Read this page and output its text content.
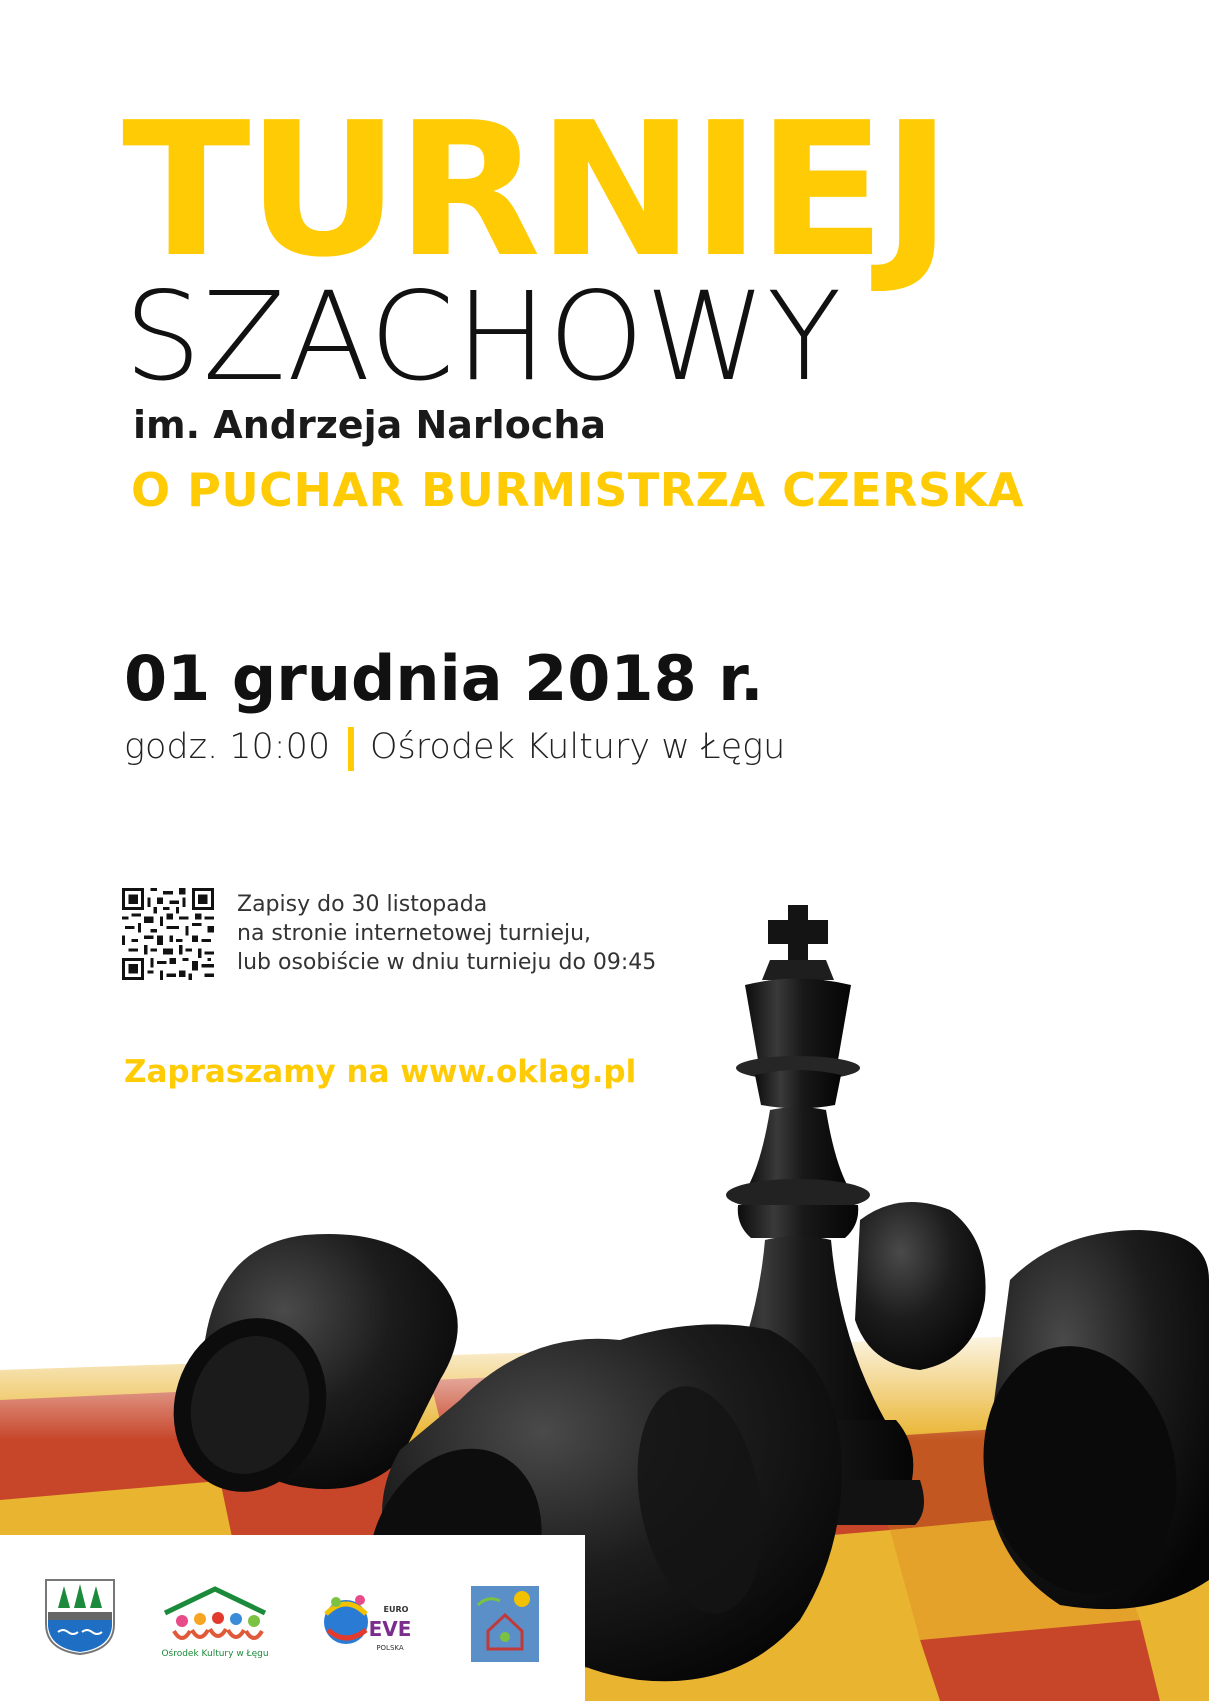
TURNIEJ
SZACHOWY
im. Andrzeja Narlocha
O PUCHAR BURMISTRZA CZERSKA
01 grudnia 2018 r.
godz. 10:00 Ośrodek Kultury w Łęgu
Zapisy do 30 listopada
na stronie internetowej turnieju,
lub osobiście w dniu turnieju do 09:45
Zapraszamy na www.oklag.pl
Ośrodek Kultury w Łęgu
EURO
EVE
POLSKA
